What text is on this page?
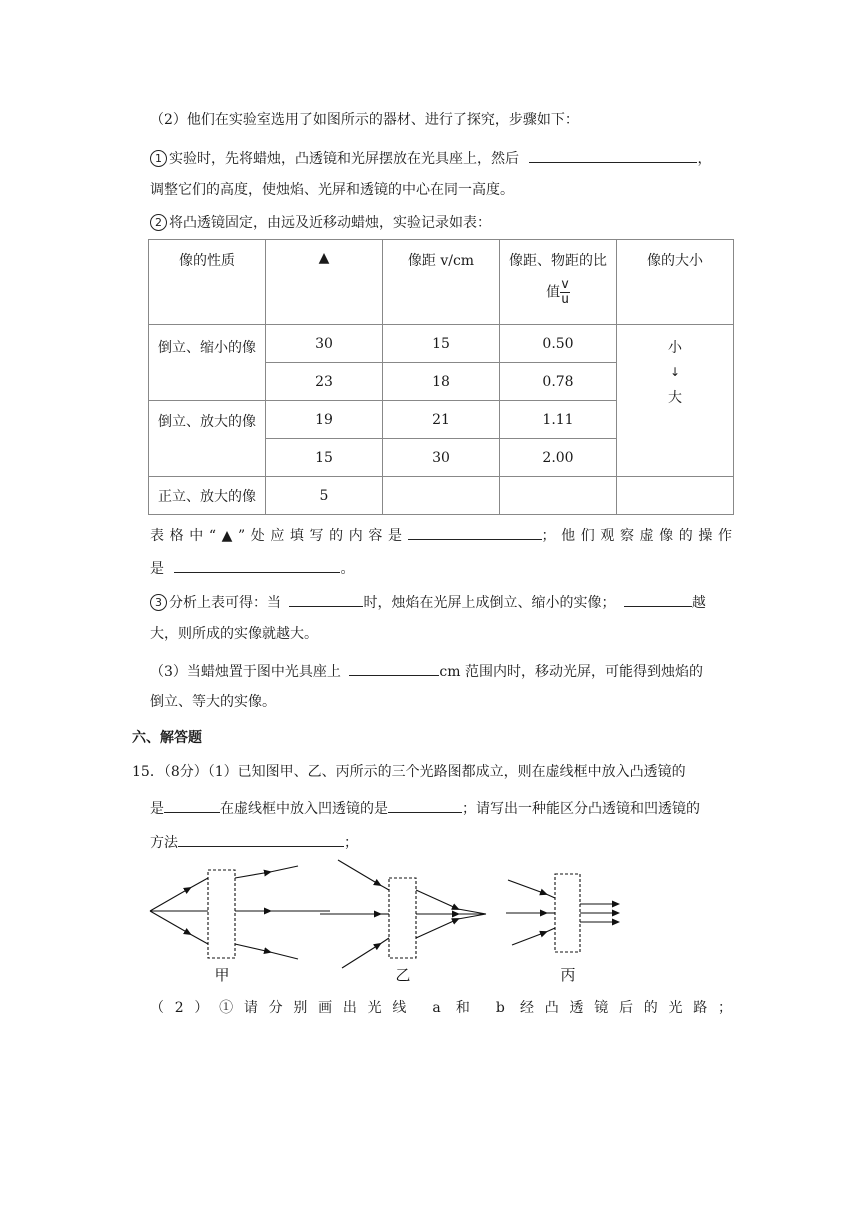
（2）他们在实验室选用了如图所示的器材、进行了探究，步骤如下：
1 实验时，先将蜡烛，凸透镜和光屏摆放在光具座上，然后	，
调整它们的高度，使烛焰、光屏和透镜的中心在同一高度。
2 将凸透镜固定，由远及近移动蜡烛，实验记录如表：
像的性质	▲	像距 v/cm	像距、物距的比
值 $\frac{v}{u}$	像的大小
倒立、缩小的像	30	15	0.50	小
↓
大

	23	18	0.78	
倒立、放大的像	19	21	1.11	
	15	30	2.00	
正立、放大的像	5			
表格中“▲”处应填写的内容是	；他们观察虚像的操作
是	。
3 分析上表可得：当	时，烛焰在光屏上成倒立、缩小的实像；	越
大，则所成的实像就越大。
（3）当蜡烛置于图中光具座上	cm 范围内时，移动光屏，可能得到烛焰的
倒立、等大的实像。
六、解答题
15．（8分）（1）已知图甲、乙、丙所示的三个光路图都成立，则在虚线框中放入凸透镜的
是	在虚线框中放入凹透镜的是	；请写出一种能区分凸透镜和凹透镜的
方法	；
甲	乙	丙
（2）①请分别画出光线 a 和 b 经凸透镜后的光路；
